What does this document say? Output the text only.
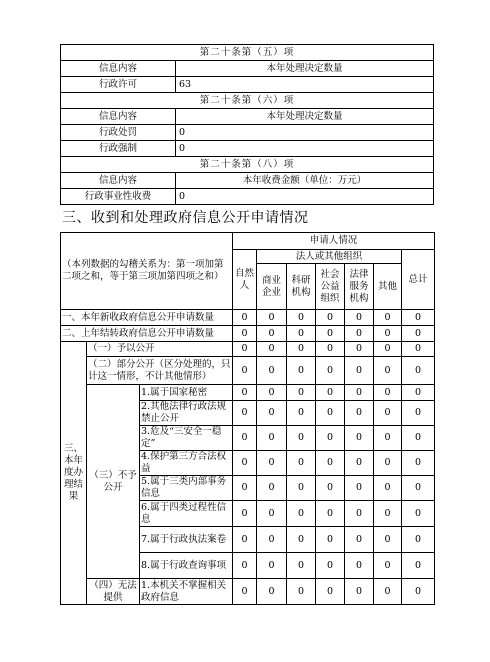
第二十条第（五）项	
信息内容	本年处理决定数量
行政许可	63
第二十条第（六）项	
信息内容	本年处理决定数量
行政处罚	0
行政强制	0
第二十条第（八）项	
信息内容	本年收费金额（单位：万元）
行政事业性收费	0
三、收到和处理政府信息公开申请情况
（本列数据的勾稽关系为：第一项加第二项之和，等于第三项加第四项之和）			申请人情况						
			自然人	法人或其他组织					总计
				商业企业	科研机构	社会公益组织	法律服务机构	其他	
一、本年新收政府信息公开申请数量			0	0	0	0	0	0	0
二、上年结转政府信息公开申请数量			0	0	0	0	0	0	0
三、本年度办理结果	（一）予以公开		0	0	0	0	0	0	0
	（二）部分公开（区分处理的，只计这一情形，不计其他情形）		0	0	0	0	0	0	0
	（三）不予公开	1.属于国家秘密	0	0	0	0	0	0	0
		2.其他法律行政法规禁止公开	0	0	0	0	0	0	0
		3.危及“三安全一稳定”	0	0	0	0	0	0	0
		4.保护第三方合法权益	0	0	0	0	0	0	0
		5.属于三类内部事务信息	0	0	0	0	0	0	0
		6.属于四类过程性信息	0	0	0	0	0	0	0
		7.属于行政执法案卷	0	0	0	0	0	0	0
		8.属于行政查询事项	0	0	0	0	0	0	0
	（四）无法提供	1.本机关不掌握相关政府信息	0	0	0	0	0	0	0
